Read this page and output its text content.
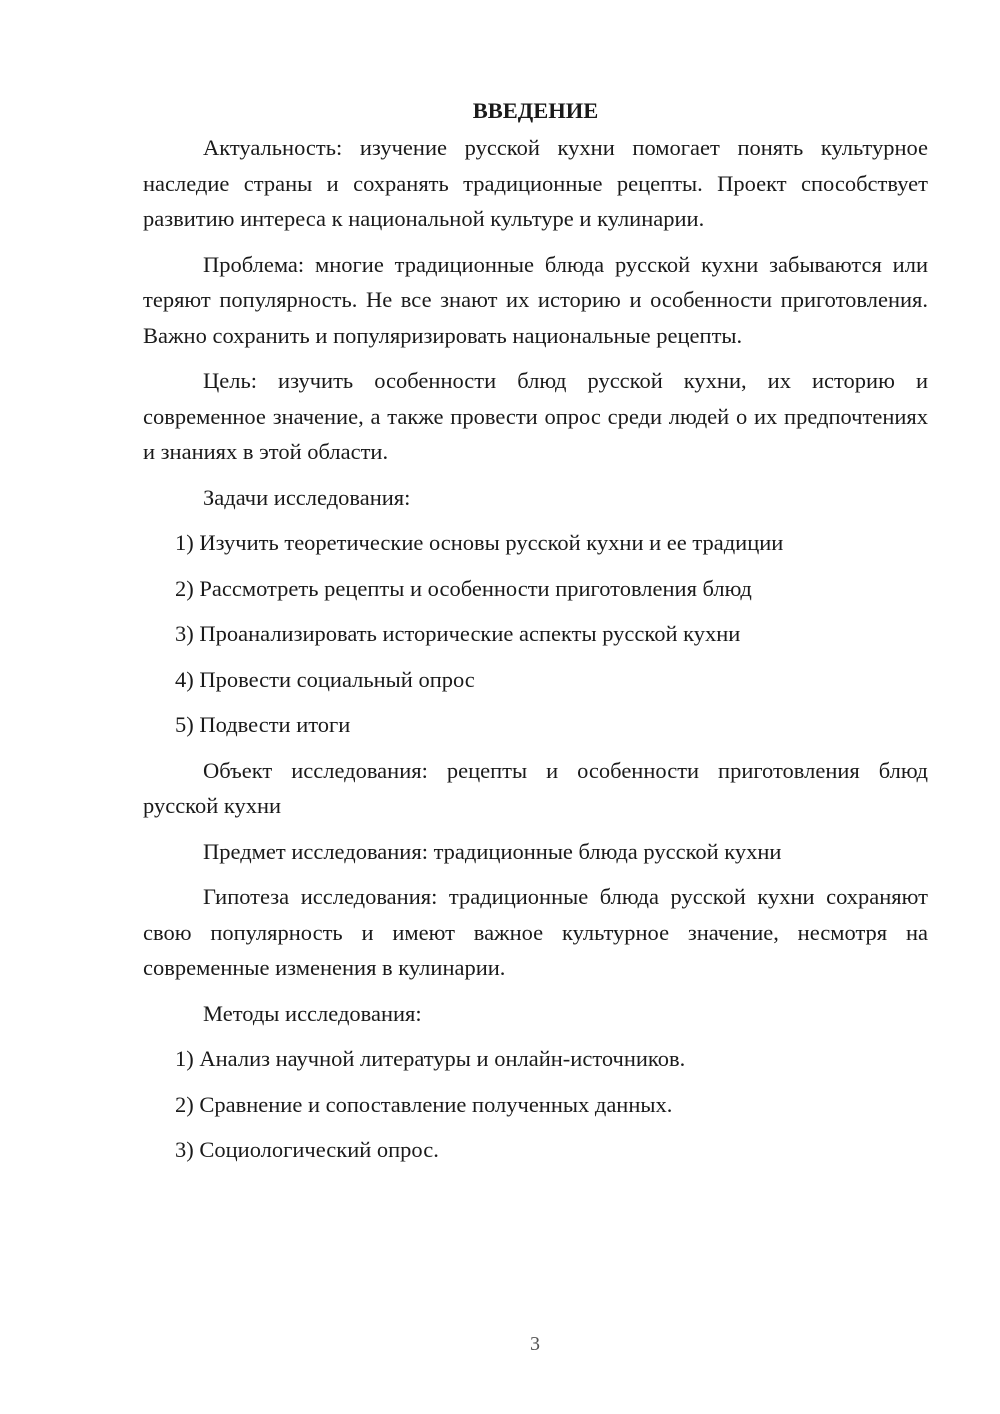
ВВЕДЕНИЕ

Актуальность: изучение русской кухни помогает понять культурное наследие страны и сохранять традиционные рецепты. Проект способствует развитию интереса к национальной культуре и кулинарии.

Проблема: многие традиционные блюда русской кухни забываются или теряют популярность. Не все знают их историю и особенности приготовления. Важно сохранить и популяризировать национальные рецепты.

Цель: изучить особенности блюд русской кухни, их историю и современное значение, а также провести опрос среди людей о их предпочтениях и знаниях в этой области.

Задачи исследования:

1) Изучить теоретические основы русской кухни и ее традиции
2) Рассмотреть рецепты и особенности приготовления блюд
3) Проанализировать исторические аспекты русской кухни
4) Провести социальный опрос
5) Подвести итоги

Объект исследования: рецепты и особенности приготовления блюд русской кухни

Предмет исследования: традиционные блюда русской кухни

Гипотеза исследования: традиционные блюда русской кухни сохраняют свою популярность и имеют важное культурное значение, несмотря на современные изменения в кулинарии.

Методы исследования:

1) Анализ научной литературы и онлайн-источников.
2) Сравнение и сопоставление полученных данных.
3) Социологический опрос.
3
